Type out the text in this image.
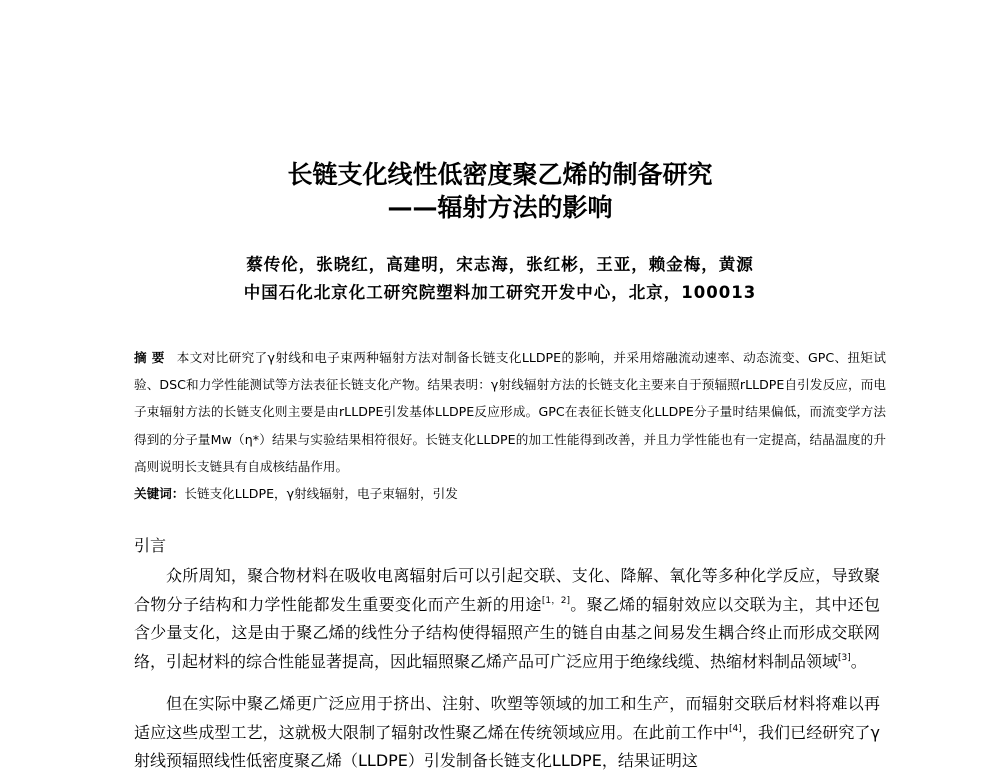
长链支化线性低密度聚乙烯的制备研究
——辐射方法的影响
蔡传伦，张晓红，高建明，宋志海，张红彬，王亚，赖金梅，黄源
中国石化北京化工研究院塑料加工研究开发中心，北京，100013
摘 要 本文对比研究了γ射线和电子束两种辐射方法对制备长链支化LLDPE的影响，并采用熔融流动速率、动态流变、GPC、扭矩试验、DSC和力学性能测试等方法表征长链支化产物。结果表明：γ射线辐射方法的长链支化主要来自于预辐照rLLDPE自引发反应，而电子束辐射方法的长链支化则主要是由rLLDPE引发基体LLDPE反应形成。GPC在表征长链支化LLDPE分子量时结果偏低，而流变学方法得到的分子量Mw（η*）结果与实验结果相符很好。长链支化LLDPE的加工性能得到改善，并且力学性能也有一定提高，结晶温度的升高则说明长支链具有自成核结晶作用。
关键词：长链支化LLDPE，γ射线辐射，电子束辐射，引发
引言

众所周知，聚合物材料在吸收电离辐射后可以引起交联、支化、降解、氧化等多种化学反应，导致聚合物分子结构和力学性能都发生重要变化而产生新的用途[1，2]。聚乙烯的辐射效应以交联为主，其中还包含少量支化，这是由于聚乙烯的线性分子结构使得辐照产生的链自由基之间易发生耦合终止而形成交联网络，引起材料的综合性能显著提高，因此辐照聚乙烯产品可广泛应用于绝缘线缆、热缩材料制品领域[3]。

但在实际中聚乙烯更广泛应用于挤出、注射、吹塑等领域的加工和生产，而辐射交联后材料将难以再适应这些成型工艺，这就极大限制了辐射改性聚乙烯在传统领域应用。在此前工作中[4]，我们已经研究了γ射线预辐照线性低密度聚乙烯（LLDPE）引发制备长链支化LLDPE，结果证明这
